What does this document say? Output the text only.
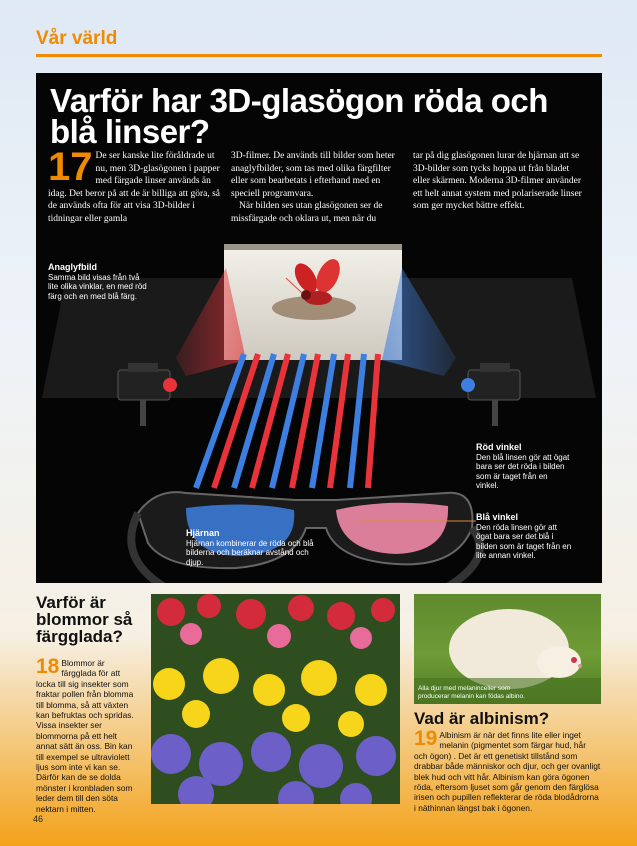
Vår värld
Varför har 3D-glasögon röda och blå linser?
17 De ser kanske lite föråldrade ut nu, men 3D-glasögonen i papper med färgade linser används än idag. Det beror på att de är billiga att göra, så de används ofta för att visa 3D-bilder i tidningar eller gamla

3D-filmer. De används till bilder som heter anaglyfbilder, som tas med olika färgfilter eller som bearbetats i efterhand med en speciell programvara.

När bilden ses utan glasögonen ser de missfärgade och oklara ut, men när du

tar på dig glasögonen lurar de hjärnan att se 3D-bilder som tycks hoppa ut från bladet eller skärmen. Moderna 3D-filmer använder ett helt annat system med polariserade linser som ger mycket bättre effekt.
Anaglyfbild
Samma bild visas från två lite olika vinklar, en med röd färg och en med blå färg.
Röd vinkel
Den blå linsen gör att ögat bara ser det röda i bilden som är taget från en vinkel.
Blå vinkel
Den röda linsen gör att ögat bara ser det blå i bilden som är taget från en lite annan vinkel.
Hjärnan
Hjärnan kombinerar de röda och blå bilderna och beräknar avstånd och djup.
Varför är blommor så färgglada?
18 Blommor är färgglada för att locka till sig insekter som fraktar pollen från blomma till blomma, så att växten kan befruktas och spridas. Vissa insekter ser blommorna på ett helt annat sätt än oss. Bin kan till exempel se ultraviolett ljus som inte vi kan se. Därför kan de se dolda mönster i kronbladen som leder dem till den söta nektarn i mitten.
Alla djur med melaninceller som producerar melanin kan födas albino.
Vad är albinism?
19 Albinism är när det finns lite eller inget melanin (pigmentet som färgar hud, hår och ögon) . Det är ett genetiskt tillstånd som drabbar både människor och djur, och ger ovanligt blek hud och vitt hår. Albinism kan göra ögonen röda, eftersom ljuset som går genom den färglösa irisen och pupillen reflekterar de röda blodådrorna i näthinnan längst bak i ögonen.
46
